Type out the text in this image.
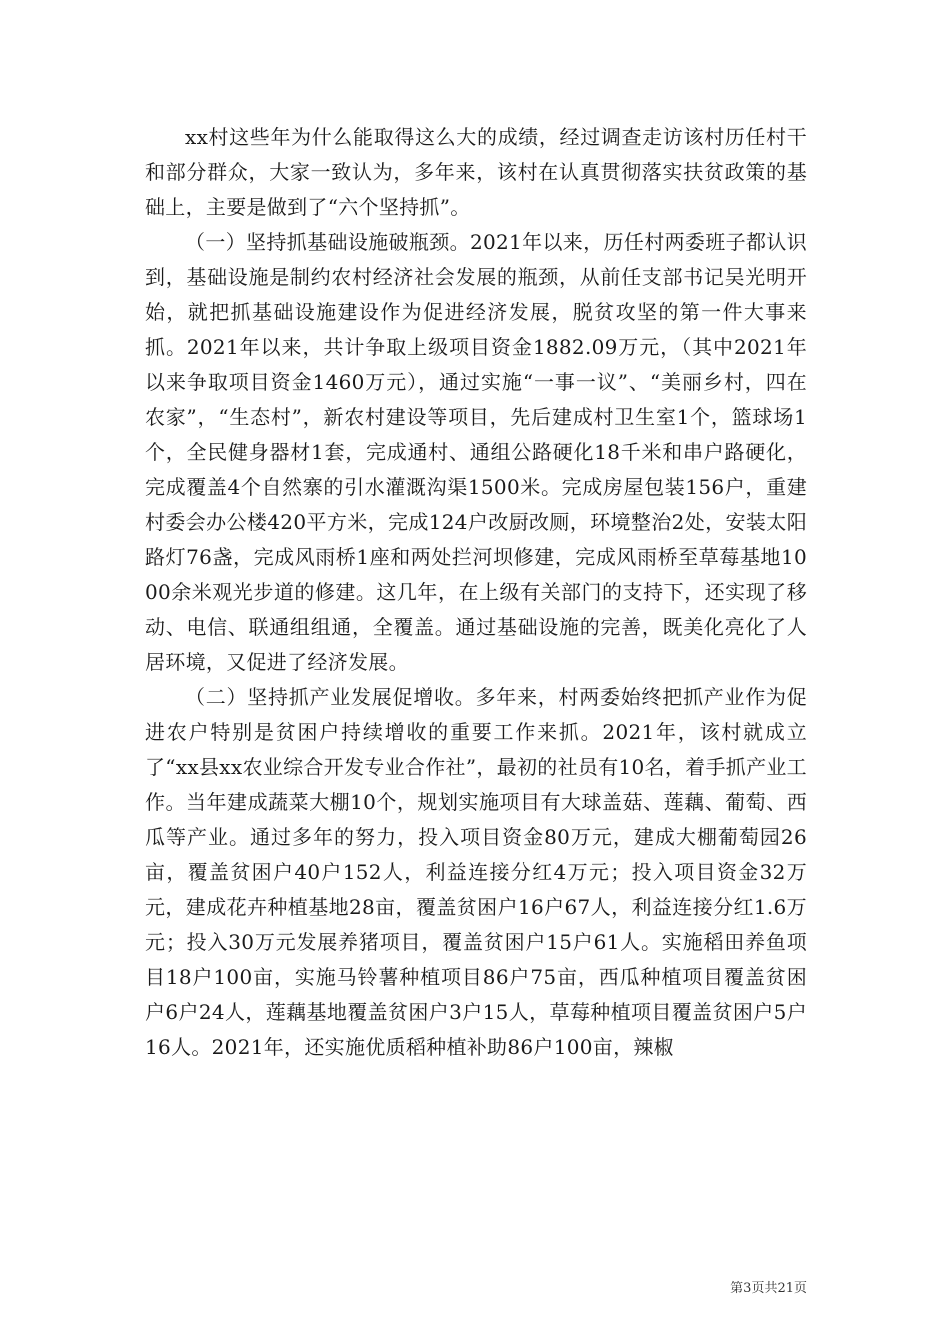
xx村这些年为什么能取得这么大的成绩，经过调查走访该村历任村干和部分群众，大家一致认为，多年来，该村在认真贯彻落实扶贫政策的基础上，主要是做到了“六个坚持抓”。

（一）坚持抓基础设施破瓶颈。2021年以来，历任村两委班子都认识到，基础设施是制约农村经济社会发展的瓶颈，从前任支部书记吴光明开始，就把抓基础设施建设作为促进经济发展，脱贫攻坚的第一件大事来抓。2021年以来，共计争取上级项目资金1882.09万元，（其中2021年以来争取项目资金1460万元），通过实施“一事一议”、“美丽乡村，四在农家”，“生态村”，新农村建设等项目，先后建成村卫生室1个，篮球场1个，全民健身器材1套，完成通村、通组公路硬化18千米和串户路硬化，完成覆盖4个自然寨的引水灌溉沟渠1500米。完成房屋包装156户，重建村委会办公楼420平方米，完成124户改厨改厕，环境整治2处，安装太阳路灯76盏，完成风雨桥1座和两处拦河坝修建，完成风雨桥至草莓基地1000余米观光步道的修建。这几年，在上级有关部门的支持下，还实现了移动、电信、联通组组通，全覆盖。通过基础设施的完善，既美化亮化了人居环境，又促进了经济发展。

（二）坚持抓产业发展促增收。多年来，村两委始终把抓产业作为促进农户特别是贫困户持续增收的重要工作来抓。2021年，该村就成立了“xx县xx农业综合开发专业合作社”，最初的社员有10名，着手抓产业工作。当年建成蔬菜大棚10个，规划实施项目有大球盖菇、莲藕、葡萄、西瓜等产业。通过多年的努力，投入项目资金80万元，建成大棚葡萄园26亩，覆盖贫困户40户152人，利益连接分红4万元；投入项目资金32万元，建成花卉种植基地28亩，覆盖贫困户16户67人，利益连接分红1.6万元；投入30万元发展养猪项目，覆盖贫困户15户61人。实施稻田养鱼项目18户100亩，实施马铃薯种植项目86户75亩，西瓜种植项目覆盖贫困户6户24人，莲藕基地覆盖贫困户3户15人，草莓种植项目覆盖贫困户5户16人。2021年，还实施优质稻种植补助86户100亩，辣椒

第3页共21页
